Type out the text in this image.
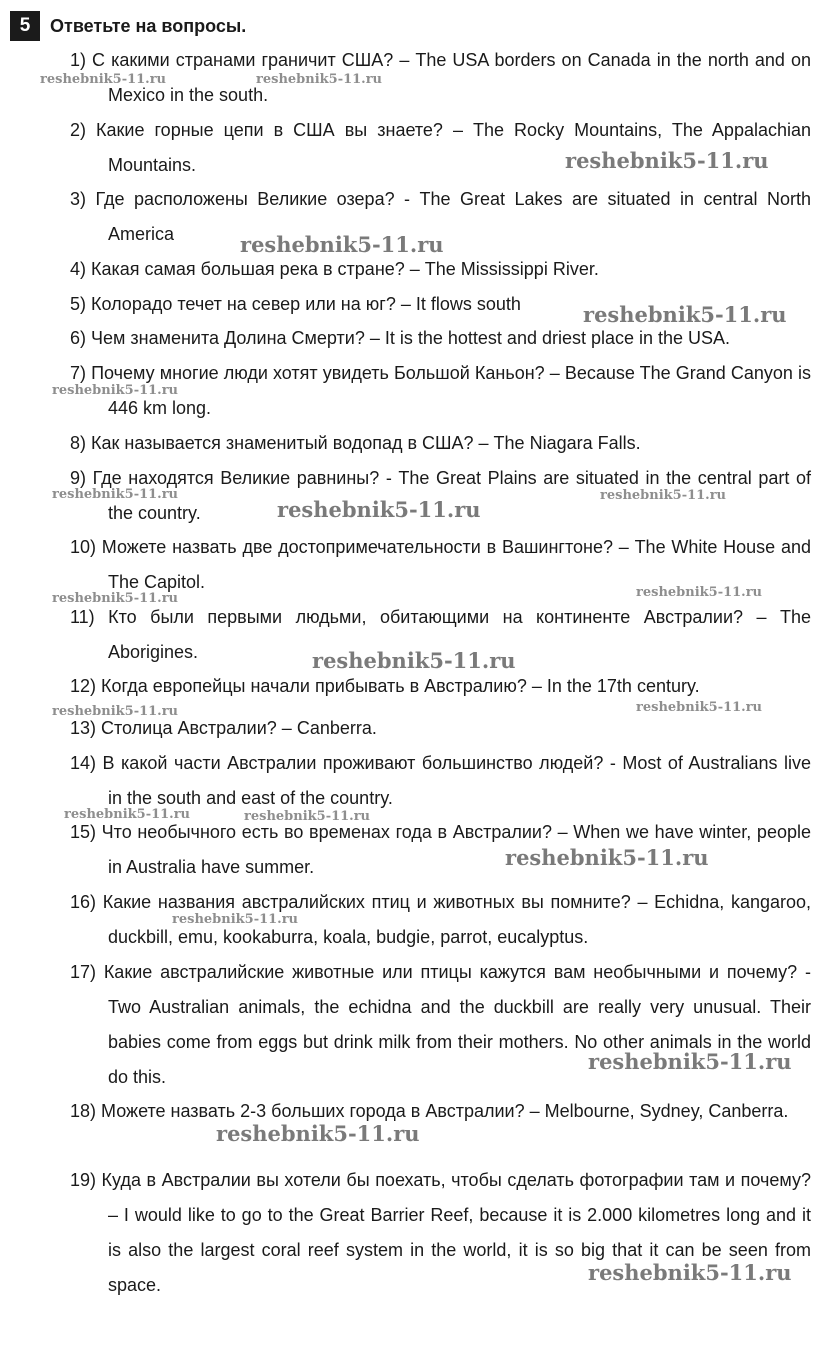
5	Ответьте на вопросы.
1) С какими странами граничит США? – The USA borders on Canada in the north and on Mexico in the south.
2) Какие горные цепи в США вы знаете? – The Rocky Mountains, The Appalachian Mountains.
3) Где расположены Великие озера? - The Great Lakes are situated in central North America
4) Какая самая большая река в стране? – The Mississippi River.
5) Колорадо течет на север или на юг? – It flows south
6) Чем знаменита Долина Смерти? – It is the hottest and driest place in the USA.
7) Почему многие люди хотят увидеть Большой Каньон? – Because The Grand Canyon is 446 km long.
8) Как называется знаменитый водопад в США? – The Niagara Falls.
9) Где находятся Великие равнины? - The Great Plains are situated in the central part of the country.
10) Можете назвать две достопримечательности в Вашингтоне? – The White House and The Capitol.
11) Кто были первыми людьми, обитающими на континенте Австралии? – The Aborigines.
12) Когда европейцы начали прибывать в Австралию? – In the 17th century.
13) Столица Австралии? – Canberra.
14) В какой части Австралии проживают большинство людей? - Most of Australians live in the south and east of the country.
15) Что необычного есть во временах года в Австралии? – When we have winter, people in Australia have summer.
16) Какие названия австралийских птиц и животных вы помните? – Echidna, kangaroo, duckbill, emu, kookaburra, koala, budgie, parrot, eucalyptus.
17) Какие австралийские животные или птицы кажутся вам необычными и почему? - Two Australian animals, the echidna and the duckbill are really very unusual. Their babies come from eggs but drink milk from their mothers. No other animals in the world do this.
18) Можете назвать 2-3 больших города в Австралии? – Melbourne, Sydney, Canberra.
19) Куда в Австралии вы хотели бы поехать, чтобы сделать фотографии там и почему? – I would like to go to the Great Barrier Reef, because it is 2.000 kilometres long and it is also the largest coral reef system in the world, it is so big that it can be seen from space.
reshebnik5-11.ru	reshebnik5-11.ru
reshebnik5-11.ru
reshebnik5-11.ru
reshebnik5-11.ru
reshebnik5-11.ru
reshebnik5-11.ru	reshebnik5-11.ru
reshebnik5-11.ru
reshebnik5-11.ru	reshebnik5-11.ru
reshebnik5-11.ru
reshebnik5-11.ru	reshebnik5-11.ru
reshebnik5-11.ru	reshebnik5-11.ru
reshebnik5-11.ru
reshebnik5-11.ru
reshebnik5-11.ru
reshebnik5-11.ru
reshebnik5-11.ru
